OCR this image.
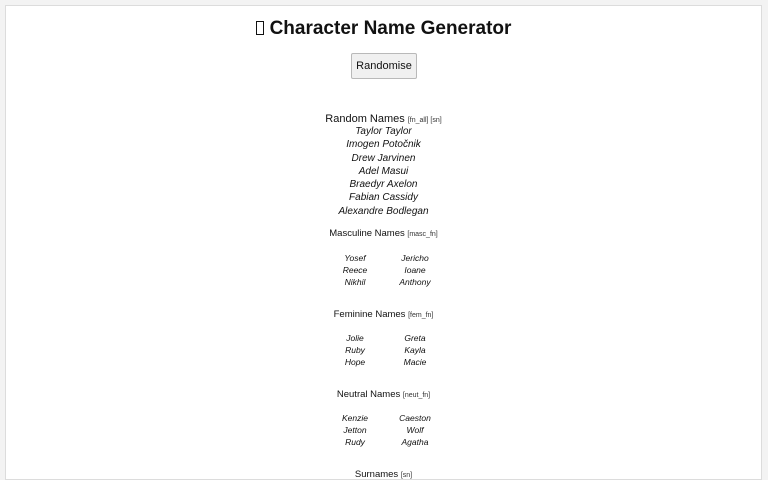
Character Name Generator
Randomise
Random Names [fn_all] [sn]
Taylor Taylor
Imogen Potočnik
Drew Jarvinen
Adel Masui
Braedyr Axelon
Fabian Cassidy
Alexandre Bodlegan
Masculine Names [masc_fn]
Yosef	Jericho
Reece	Ioane
Nikhil	Anthony
Feminine Names [fem_fn]
Jolie	Greta
Ruby	Kayla
Hope	Macie
Neutral Names [neut_fn]
Kenzie	Caeston
Jetton	Wolf
Rudy	Agatha
Surnames [sn]
